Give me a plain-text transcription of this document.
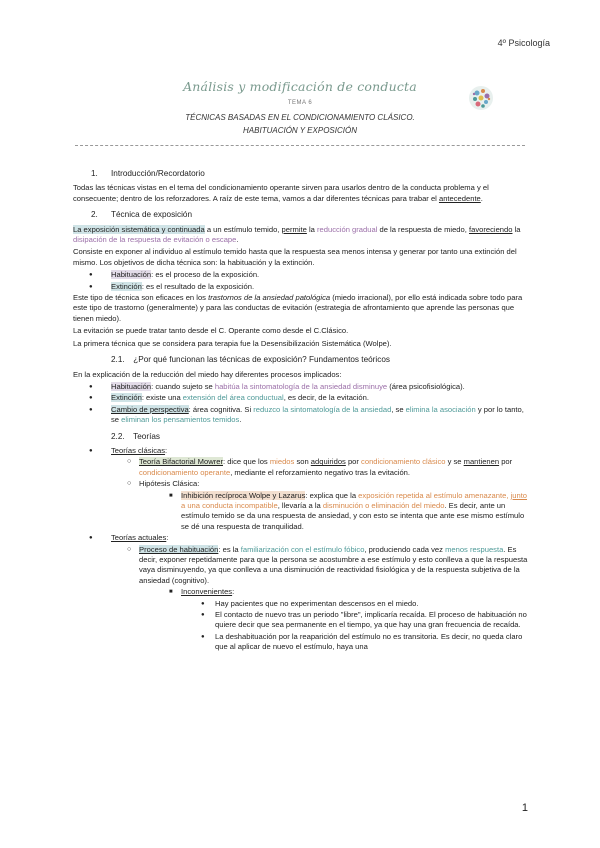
4º Psicología
Análisis y modificación de conducta
TEMA 6
TÉCNICAS BASADAS EN EL CONDICIONAMIENTO CLÁSICO.
HABITUACIÓN Y EXPOSICIÓN
1. Introducción/Recordatorio

Todas las técnicas vistas en el tema del condicionamiento operante sirven para usarlos dentro de la conducta problema y el consecuente; dentro de los reforzadores. A raíz de este tema, vamos a dar diferentes técnicas para trabar el antecedente.

2. Técnica de exposición

La exposición sistemática y continuada a un estímulo temido, permite la reducción gradual de la respuesta de miedo, favoreciendo la disipación de la respuesta de evitación o escape.

Consiste en exponer al individuo al estímulo temido hasta que la respuesta sea menos intensa y generar por tanto una extinción del mismo. Los objetivos de dicha técnica son: la habituación y la extinción.

● Habituación: es el proceso de la exposición.
● Extinción: es el resultado de la exposición.

Este tipo de técnica son eficaces en los trastornos de la ansiedad patológica (miedo irracional), por ello está indicada sobre todo para este tipo de trastorno (generalmente) y para las conductas de evitación (estrategia de afrontamiento que aprende las personas que tienen miedo).

La evitación se puede tratar tanto desde el C. Operante como desde el C.Clásico.

La primera técnica que se considera para terapia fue la Desensibilización Sistemática (Wolpe).

2.1. ¿Por qué funcionan las técnicas de exposición? Fundamentos teóricos

En la explicación de la reducción del miedo hay diferentes procesos implicados:

● Habituación: cuando sujeto se habitúa la sintomatología de la ansiedad disminuye (área psicofisiológica).
● Extinción: existe una extensión del área conductual, es decir, de la evitación.
● Cambio de perspectiva: área cognitiva. Si reduzco la sintomatología de la ansiedad, se elimina la asociación y por lo tanto, se eliminan los pensamientos temidos.
2.2. Teorías
● Teorías clásicas:
○ Teoría Bifactorial Mowrer: dice que los miedos son adquiridos por condicionamiento clásico y se mantienen por condicionamiento operante, mediante el reforzamiento negativo tras la evitación.
○ Hipótesis Clásica:
■ Inhibición recíproca Wolpe y Lazarus: explica que la exposición repetida al estímulo amenazante, junto a una conducta incompatible, llevaría a la disminución o eliminación del miedo. Es decir, ante un estímulo temido se da una respuesta de ansiedad, y con esto se intenta que ante ese mismo estímulo se dé una respuesta de tranquilidad.
● Teorías actuales:
○ Proceso de habituación: es la familiarización con el estímulo fóbico, produciendo cada vez menos respuesta. Es decir, exponer repetidamente para que la persona se acostumbre a ese estímulo y esto conlleva a que la respuesta vaya disminuyendo, ya que conlleva a una disminución de reactividad fisiológica y de la respuesta subjetiva de la ansiedad (cognitivo).
■ Inconvenientes:
● Hay pacientes que no experimentan descensos en el miedo.
● El contacto de nuevo tras un periodo "libre", implicaría recaída. El proceso de habituación no quiere decir que sea permanente en el tiempo, ya que hay una gran frecuencia de recaída.
● La deshabituación por la reaparición del estímulo no es transitoria. Es decir, no queda claro que al aplicar de nuevo el estímulo, haya una
1
